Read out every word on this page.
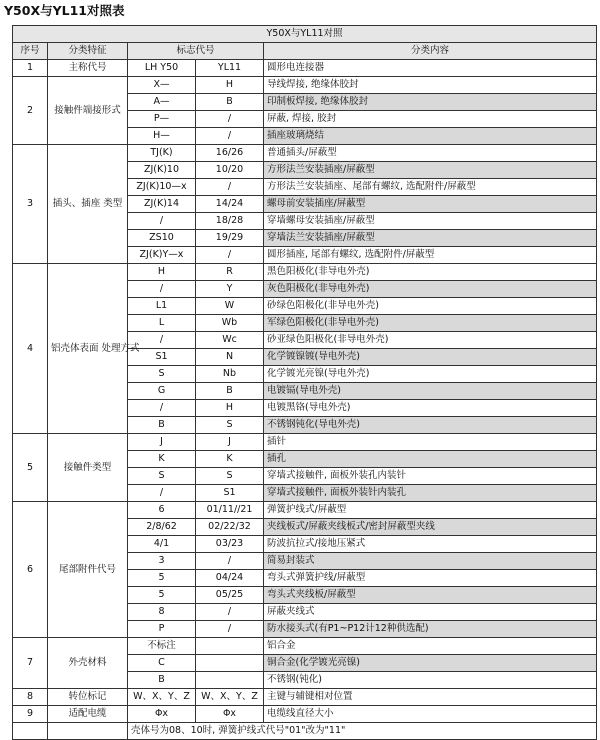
Y50X与YL11对照表
Y50X与YL11对照				
序号	分类特征	标志代号		分类内容
1	主称代号	LH Y50	YL11	圆形电连接器
2	接触件端接形式	X—	H	导线焊接, 绝缘体胶封
		A—	B	印制板焊接, 绝缘体胶封
		P—	/	屏蔽, 焊接, 胶封
		H—	/	插座玻璃烧结
3	插头、插座 类型	TJ(K)	16/26	普通插头/屏蔽型
		ZJ(K)10	10/20	方形法兰安装插座/屏蔽型
		ZJ(K)10—x	/	方形法兰安装插座、尾部有螺纹, 选配附件/屏蔽型
		ZJ(K)14	14/24	螺母前安装插座/屏蔽型
		/	18/28	穿墙螺母安装插座/屏蔽型
		ZS10	19/29	穿墙法兰安装插座/屏蔽型
		ZJ(K)Y—x	/	圆形插座, 尾部有螺纹, 选配附件/屏蔽型
4	铝壳体表面 处理方式	H	R	黑色阳极化(非导电外壳)
		/	Y	灰色阳极化(非导电外壳)
		L1	W	砂绿色阳极化(非导电外壳)
		L	Wb	军绿色阳极化(非导电外壳)
		/	Wc	砂亚绿色阳极化(非导电外壳)
		S1	N	化学镀镍镀(导电外壳)
		S	Nb	化学镀光亮镍(导电外壳)
		G	B	电镀镉(导电外壳)
		/	H	电镀黑铬(导电外壳)
		B	S	不锈钢钝化(导电外壳)
5	接触件类型	J	J	插针
		K	K	插孔
		S	S	穿墙式接触件, 面板外装孔内装针
		/	S1	穿墙式接触件, 面板外装针内装孔
6	尾部附件代号	6	01/11//21	弹簧护线式/屏蔽型
		2/8/62	02/22/32	夹线板式/屏蔽夹线板式/密封屏蔽型夹线
		4/1	03/23	防波抗拉式/接地压紧式
		3	/	简易封装式
		5	04/24	弯头式弹簧护线/屏蔽型
		5	05/25	弯头式夹线板/屏蔽型
		8	/	屏蔽夹线式
		P	/	防水接头式(有P1~P12计12种供选配)
7	外壳材料	不标注		铝合金
		C		铜合金(化学镀光亮镍)
		B		不锈钢(钝化)
8	转位标记	W、X、Y、Z	W、X、Y、Z	主键与辅键相对位置
9	适配电缆	Φx	Φx	电缆线直径大小
		壳体号为08、10时, 弹簧护线式代号"01"改为"11"		
